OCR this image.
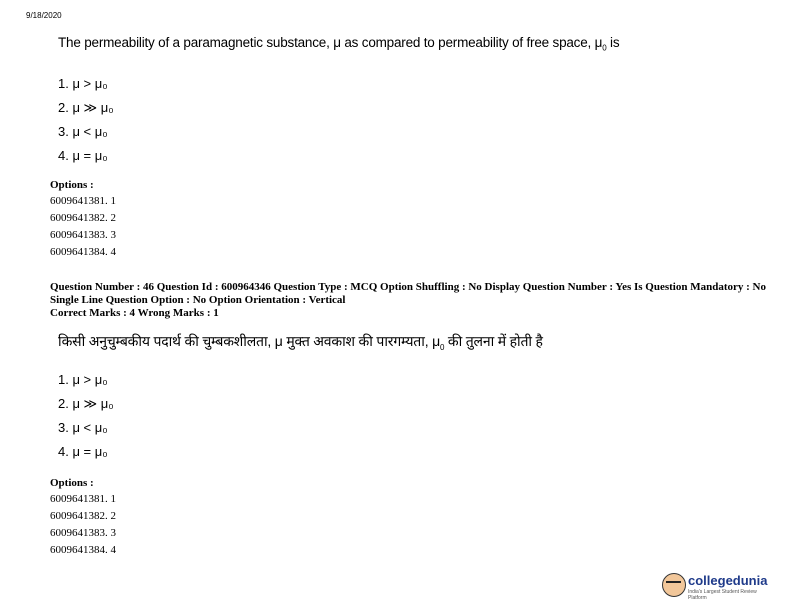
9/18/2020
The permeability of a paramagnetic substance, μ as compared to permeability of free space, $\mu_0$ is
1. μ > μ₀
2. μ ≫ μ₀
3. μ < μ₀
4. μ = μ₀
Options :
6009641381. 1
6009641382. 2
6009641383. 3
6009641384. 4
Question Number : 46 Question Id : 600964346 Question Type : MCQ Option Shuffling : No Display Question Number : Yes Is Question Mandatory : No Single Line Question Option : No Option Orientation : Vertical
Correct Marks : 4 Wrong Marks : 1
किसी अनुचुम्बकीय पदार्थ की चुम्बकशीलता, μ मुक्त अवकाश की पारगम्यता, $\mu_0$ की तुलना में होती है
1. μ > μ₀
2. μ ≫ μ₀
3. μ < μ₀
4. μ = μ₀
Options :
6009641381. 1
6009641382. 2
6009641383. 3
6009641384. 4
collegedunia
India's Largest Student Review Platform
